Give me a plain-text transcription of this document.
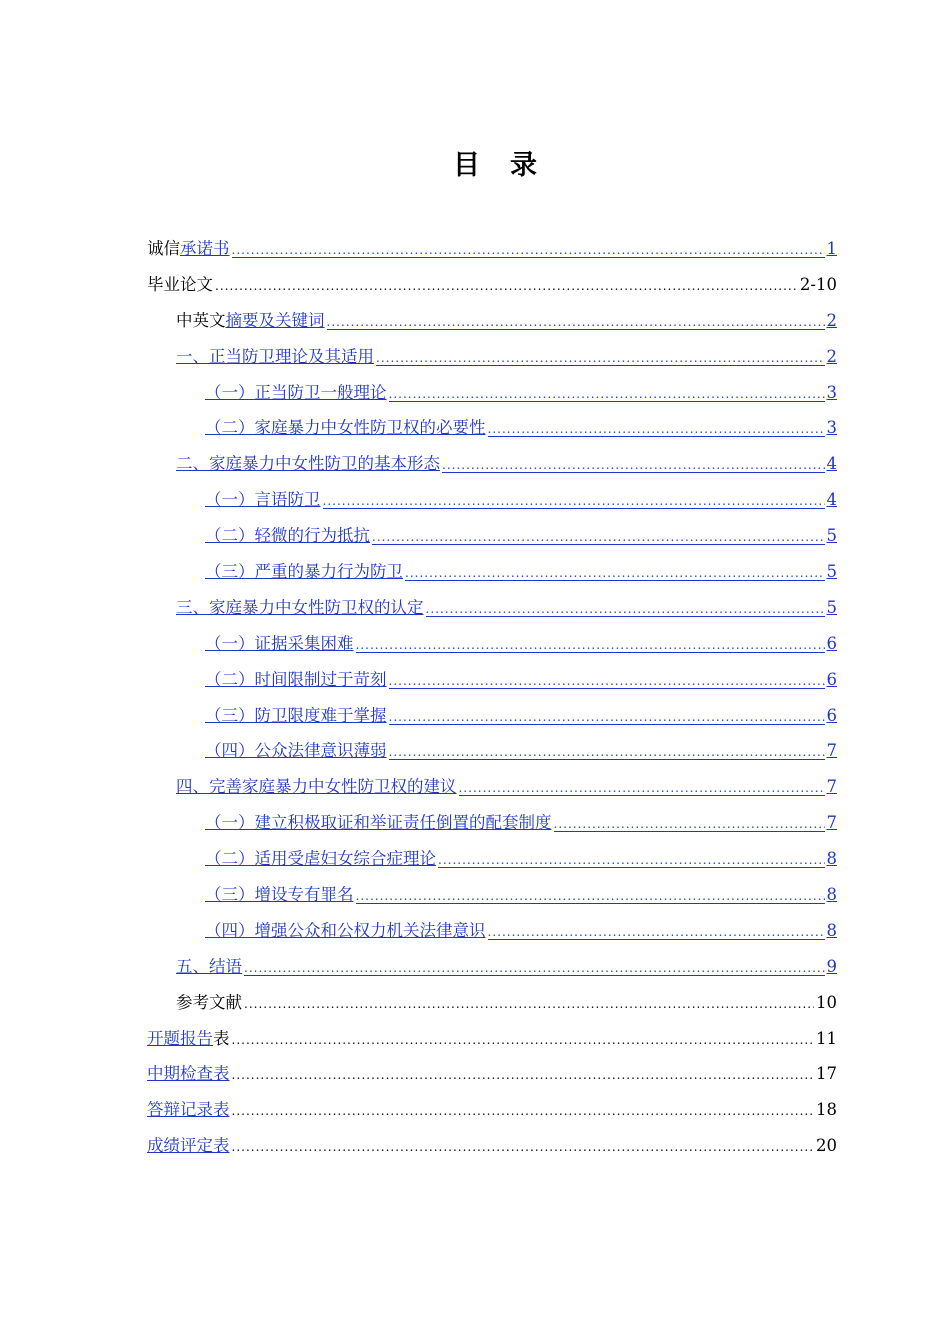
目 录
诚信承诺书 .....	1
毕业论文 .....	2-10
中英文摘要及关键词 .....	2
一、正当防卫理论及其适用 .....	2
（一）正当防卫一般理论 .....	3
（二）家庭暴力中女性防卫权的必要性 .....	3
二、家庭暴力中女性防卫的基本形态 .....	4
（一）言语防卫 .....	4
（二）轻微的行为抵抗 .....	5
（三）严重的暴力行为防卫 .....	5
三、家庭暴力中女性防卫权的认定 .....	5
（一）证据采集困难 .....	6
（二）时间限制过于苛刻 .....	6
（三）防卫限度难于掌握 .....	6
（四）公众法律意识薄弱 .....	7
四、完善家庭暴力中女性防卫权的建议 .....	7
（一）建立积极取证和举证责任倒置的配套制度 .....	7
（二）适用受虐妇女综合症理论 .....	8
（三）增设专有罪名 .....	8
（四）增强公众和公权力机关法律意识 .....	8
五、结语 .....	9
参考文献 .....	10
开题报告表 .....	11
中期检查表 .....	17
答辩记录表 .....	18
成绩评定表 .....	20
